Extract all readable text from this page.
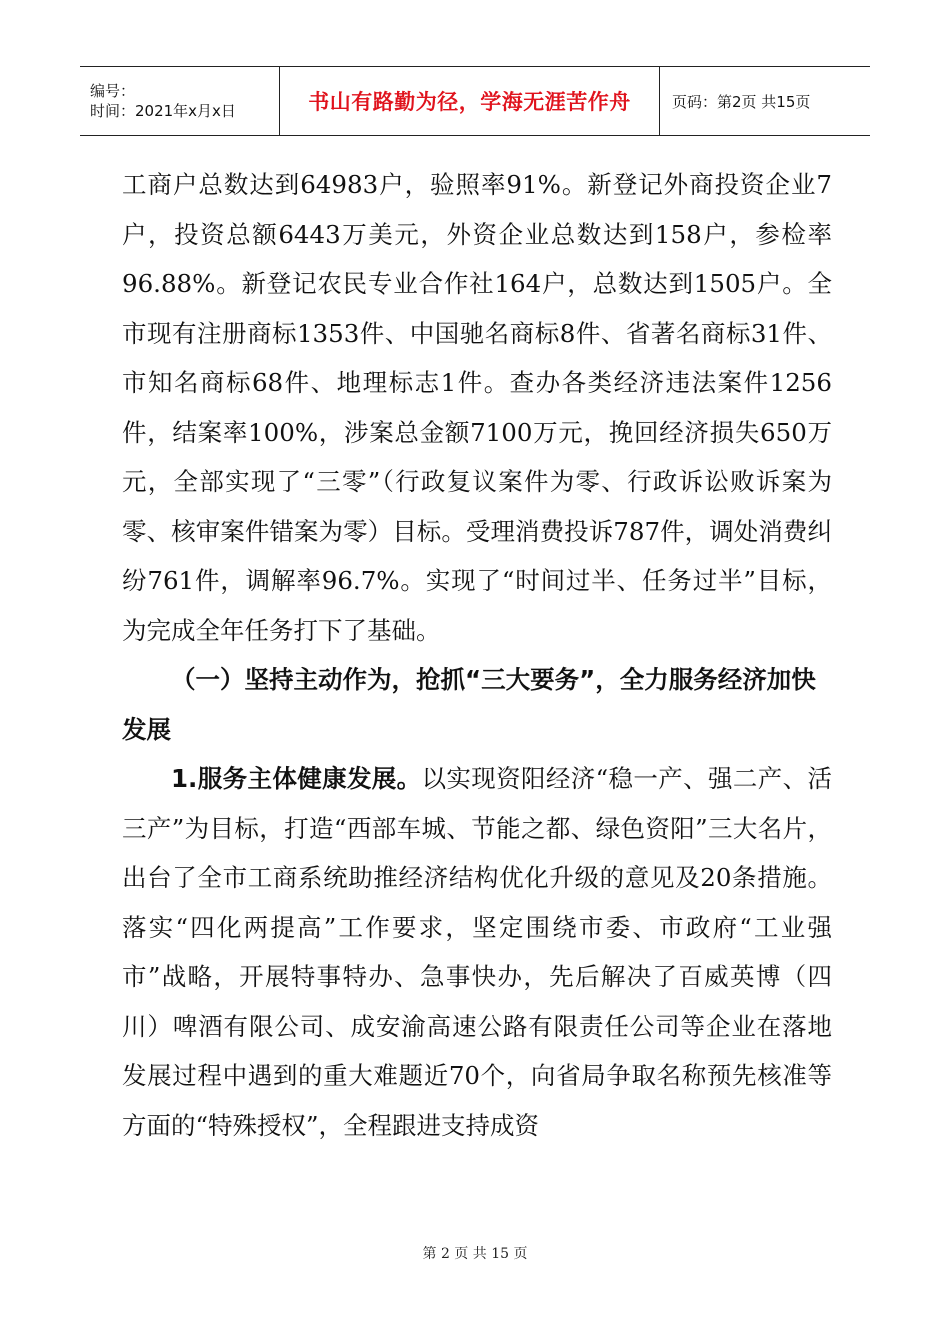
编号：
时间：2021年x月x日	书山有路勤为径，学海无涯苦作舟	页码：第2页 共15页

工商户总数达到64983户，验照率91%。新登记外商投资企业7户，投资总额6443万美元，外资企业总数达到158户，参检率96.88%。新登记农民专业合作社164户，总数达到1505户。全市现有注册商标1353件、中国驰名商标8件、省著名商标31件、市知名商标68件、地理标志1件。查办各类经济违法案件1256件，结案率100%，涉案总金额7100万元，挽回经济损失650万元，全部实现了“三零”（行政复议案件为零、行政诉讼败诉案为零、核审案件错案为零）目标。受理消费投诉787件，调处消费纠纷761件，调解率96.7%。实现了“时间过半、任务过半”目标，为完成全年任务打下了基础。

（一）坚持主动作为，抢抓“三大要务”，全力服务经济加快发展

1.服务主体健康发展。以实现资阳经济“稳一产、强二产、活三产”为目标，打造“西部车城、节能之都、绿色资阳”三大名片，出台了全市工商系统助推经济结构优化升级的意见及20条措施。落实“四化两提高”工作要求，坚定围绕市委、市政府“工业强市”战略，开展特事特办、急事快办，先后解决了百威英博（四川）啤酒有限公司、成安渝高速公路有限责任公司等企业在落地发展过程中遇到的重大难题近70个，向省局争取名称预先核准等方面的“特殊授权”，全程跟进支持成资

第 2 页 共 15 页
